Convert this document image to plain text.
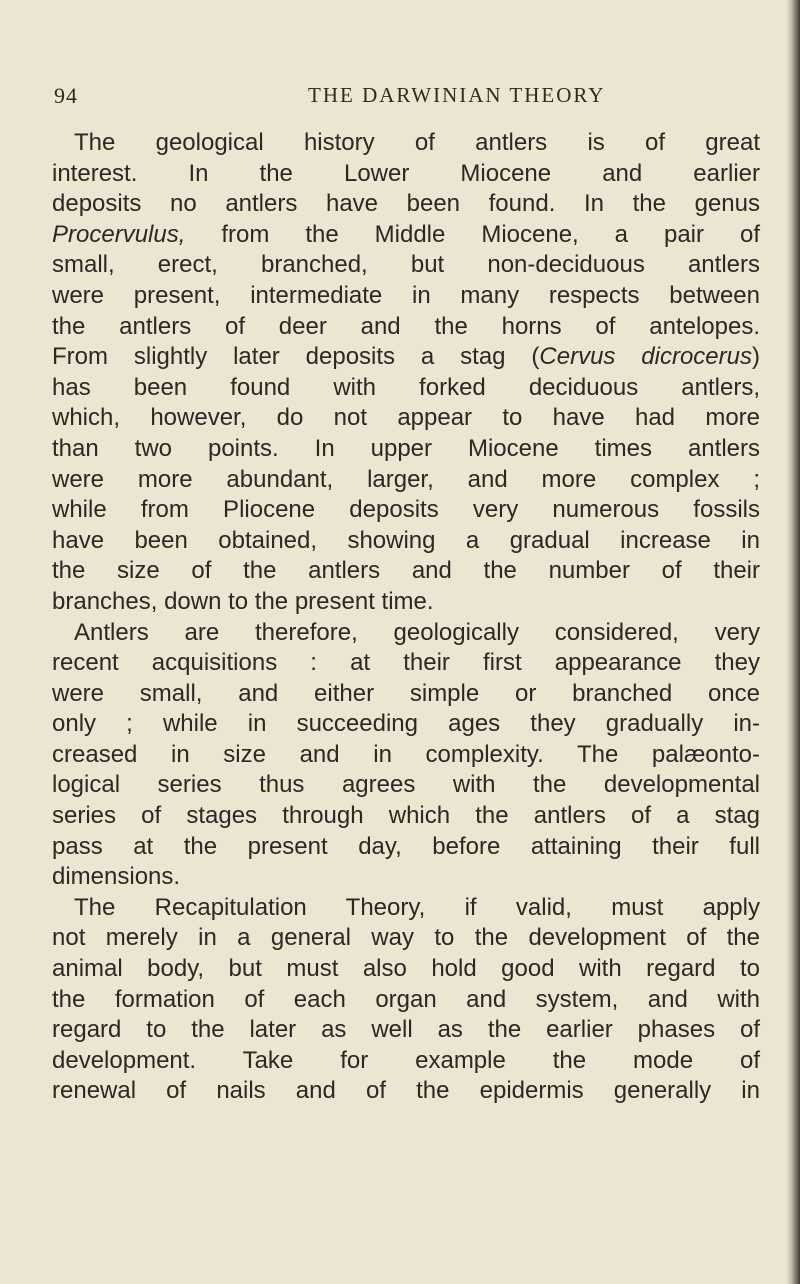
94	THE DARWINIAN THEORY
The geological history of antlers is of great
interest. In the Lower Miocene and earlier
deposits no antlers have been found. In the genus
Procervulus, from the Middle Miocene, a pair of
small, erect, branched, but non-deciduous antlers
were present, intermediate in many respects between
the antlers of deer and the horns of antelopes.
From slightly later deposits a stag (Cervus dicrocerus)
has been found with forked deciduous antlers,
which, however, do not appear to have had more
than two points. In upper Miocene times antlers
were more abundant, larger, and more complex ;
while from Pliocene deposits very numerous fossils
have been obtained, showing a gradual increase in
the size of the antlers and the number of their
branches, down to the present time.
Antlers are therefore, geologically considered, very
recent acquisitions : at their first appearance they
were small, and either simple or branched once
only ; while in succeeding ages they gradually in-
creased in size and in complexity. The palæonto-
logical series thus agrees with the developmental
series of stages through which the antlers of a stag
pass at the present day, before attaining their full
dimensions.
The Recapitulation Theory, if valid, must apply
not merely in a general way to the development of the
animal body, but must also hold good with regard to
the formation of each organ and system, and with
regard to the later as well as the earlier phases of
development. Take for example the mode of
renewal of nails and of the epidermis generally in
